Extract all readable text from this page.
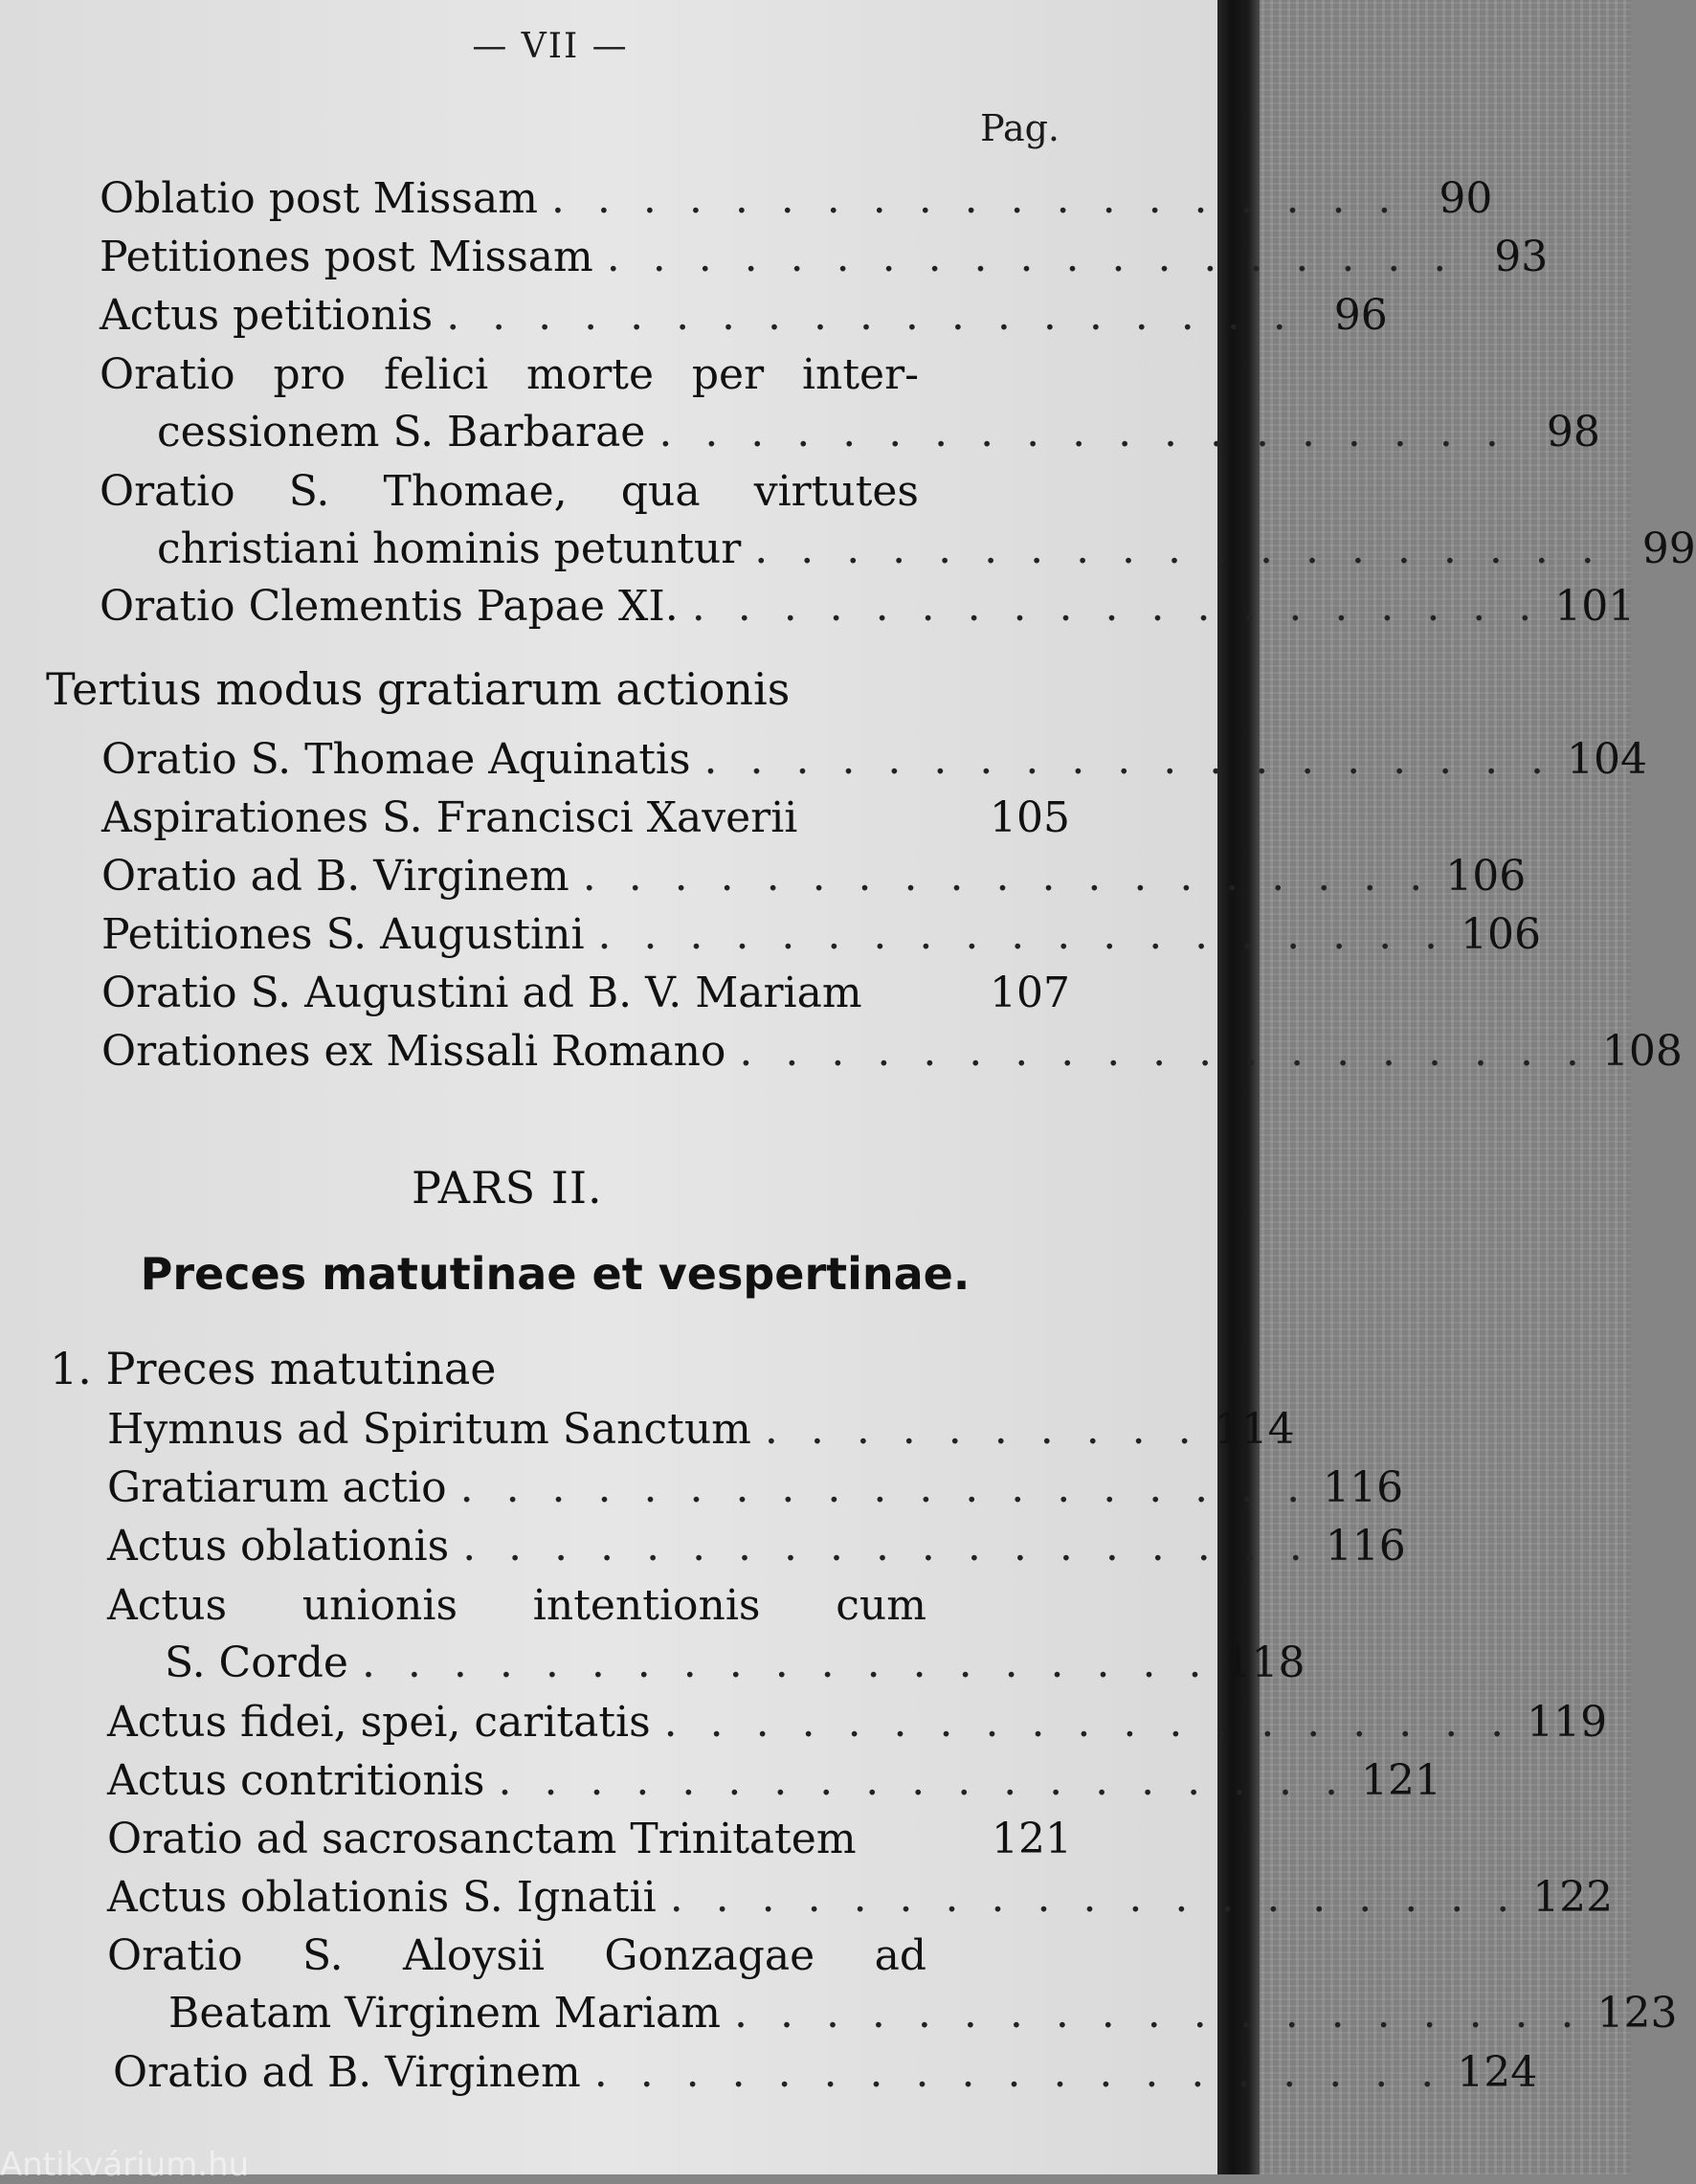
— VII —
Pag.
Oblatio post Missam . . . . . . . . . . . . . . . . . . . 90
Petitiones post Missam . . . . . . . . . . . . . . . . . . . 93
Actus petitionis . . . . . . . . . . . . . . . . . . . 96
Oratio pro felici morte per inter-
cessionem S. Barbarae . . . . . . . . . . . . . . . . . . . 98
Oratio S. Thomae, qua virtutes
christiani hominis petuntur . . . . . . . . . . . . . . . . . . . 99
Oratio Clementis Papae XI. . . . . . . . . . . . . . . . . . . . 101
Tertius modus gratiarum actionis
Oratio S. Thomae Aquinatis . . . . . . . . . . . . . . . . . . . 104
Aspirationes S. Francisci Xaverii	105
Oratio ad B. Virginem . . . . . . . . . . . . . . . . . . . 106
Petitiones S. Augustini . . . . . . . . . . . . . . . . . . . 106
Oratio S. Augustini ad B. V. Mariam	107
Orationes ex Missali Romano . . . . . . . . . . . . . . . . . . . 108
PARS II.
Preces matutinae et vespertinae.
1. Preces matutinae
Hymnus ad Spiritum Sanctum . . . . . . . . . . 114
Gratiarum actio . . . . . . . . . . . . . . . . . . . 116
Actus oblationis . . . . . . . . . . . . . . . . . . . 116
Actus unionis intentionis cum
S. Corde . . . . . . . . . . . . . . . . . . . 118
Actus fidei, spei, caritatis . . . . . . . . . . . . . . . . . . . 119
Actus contritionis . . . . . . . . . . . . . . . . . . . 121
Oratio ad sacrosanctam Trinitatem	121
Actus oblationis S. Ignatii . . . . . . . . . . . . . . . . . . . 122
Oratio S. Aloysii Gonzagae ad
Beatam Virginem Mariam . . . . . . . . . . . . . . . . . . . 123
Oratio ad B. Virginem . . . . . . . . . . . . . . . . . . . 124
Antikvárium.hu
